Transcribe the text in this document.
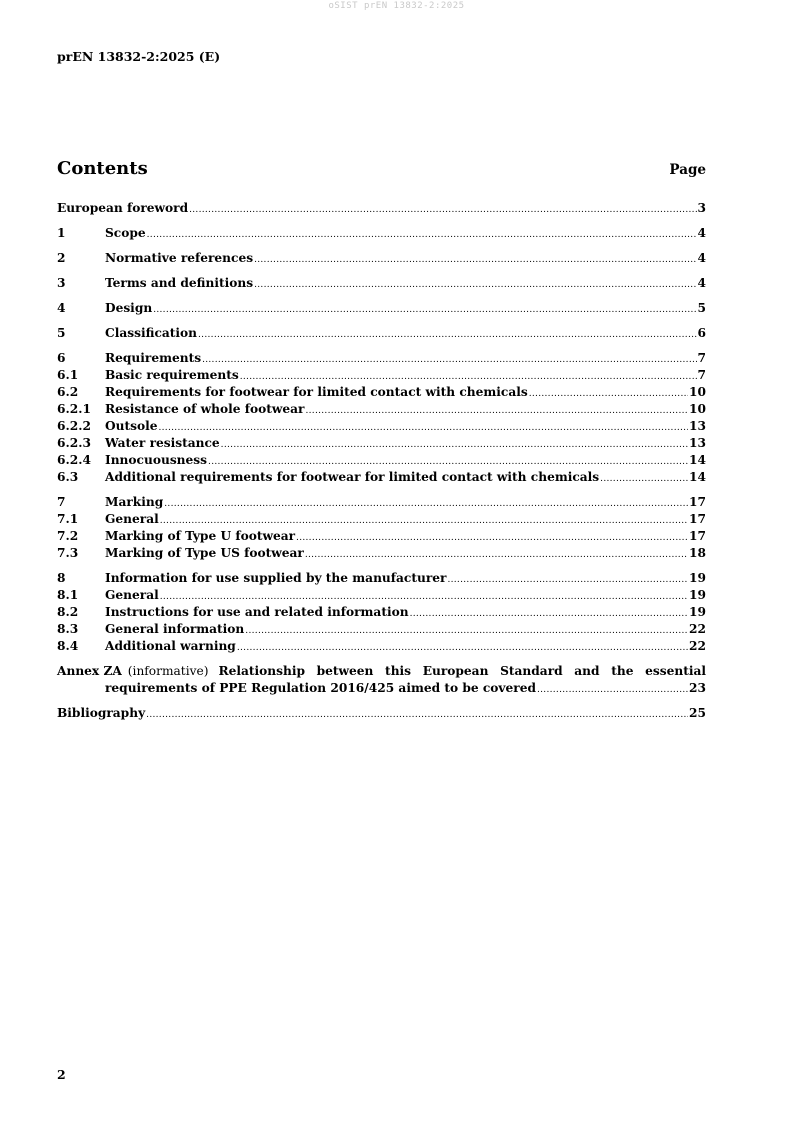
oSIST prEN 13832-2:2025
prEN 13832-2:2025 (E)
Contents	Page
European foreword .....	3
1	Scope .....	4
2	Normative references .....	4
3	Terms and definitions .....	4
4	Design .....	5
5	Classification .....	6
6	Requirements .....	7
6.1	Basic requirements .....	7
6.2	Requirements for footwear for limited contact with chemicals .....	10
6.2.1	Resistance of whole footwear .....	10
6.2.2	Outsole .....	13
6.2.3	Water resistance .....	13
6.2.4	Innocuousness .....	14
6.3	Additional requirements for footwear for limited contact with chemicals .....	14
7	Marking .....	17
7.1	General .....	17
7.2	Marking of Type U footwear .....	17
7.3	Marking of Type US footwear .....	18
8	Information for use supplied by the manufacturer .....	19
8.1	General .....	19
8.2	Instructions for use and related information .....	19
8.3	General information .....	22
8.4	Additional warning .....	22
Annex ZA (informative) Relationship between this European Standard and the essential
requirements of PPE Regulation 2016/425 aimed to be covered .....	23
Bibliography .....	25
2
